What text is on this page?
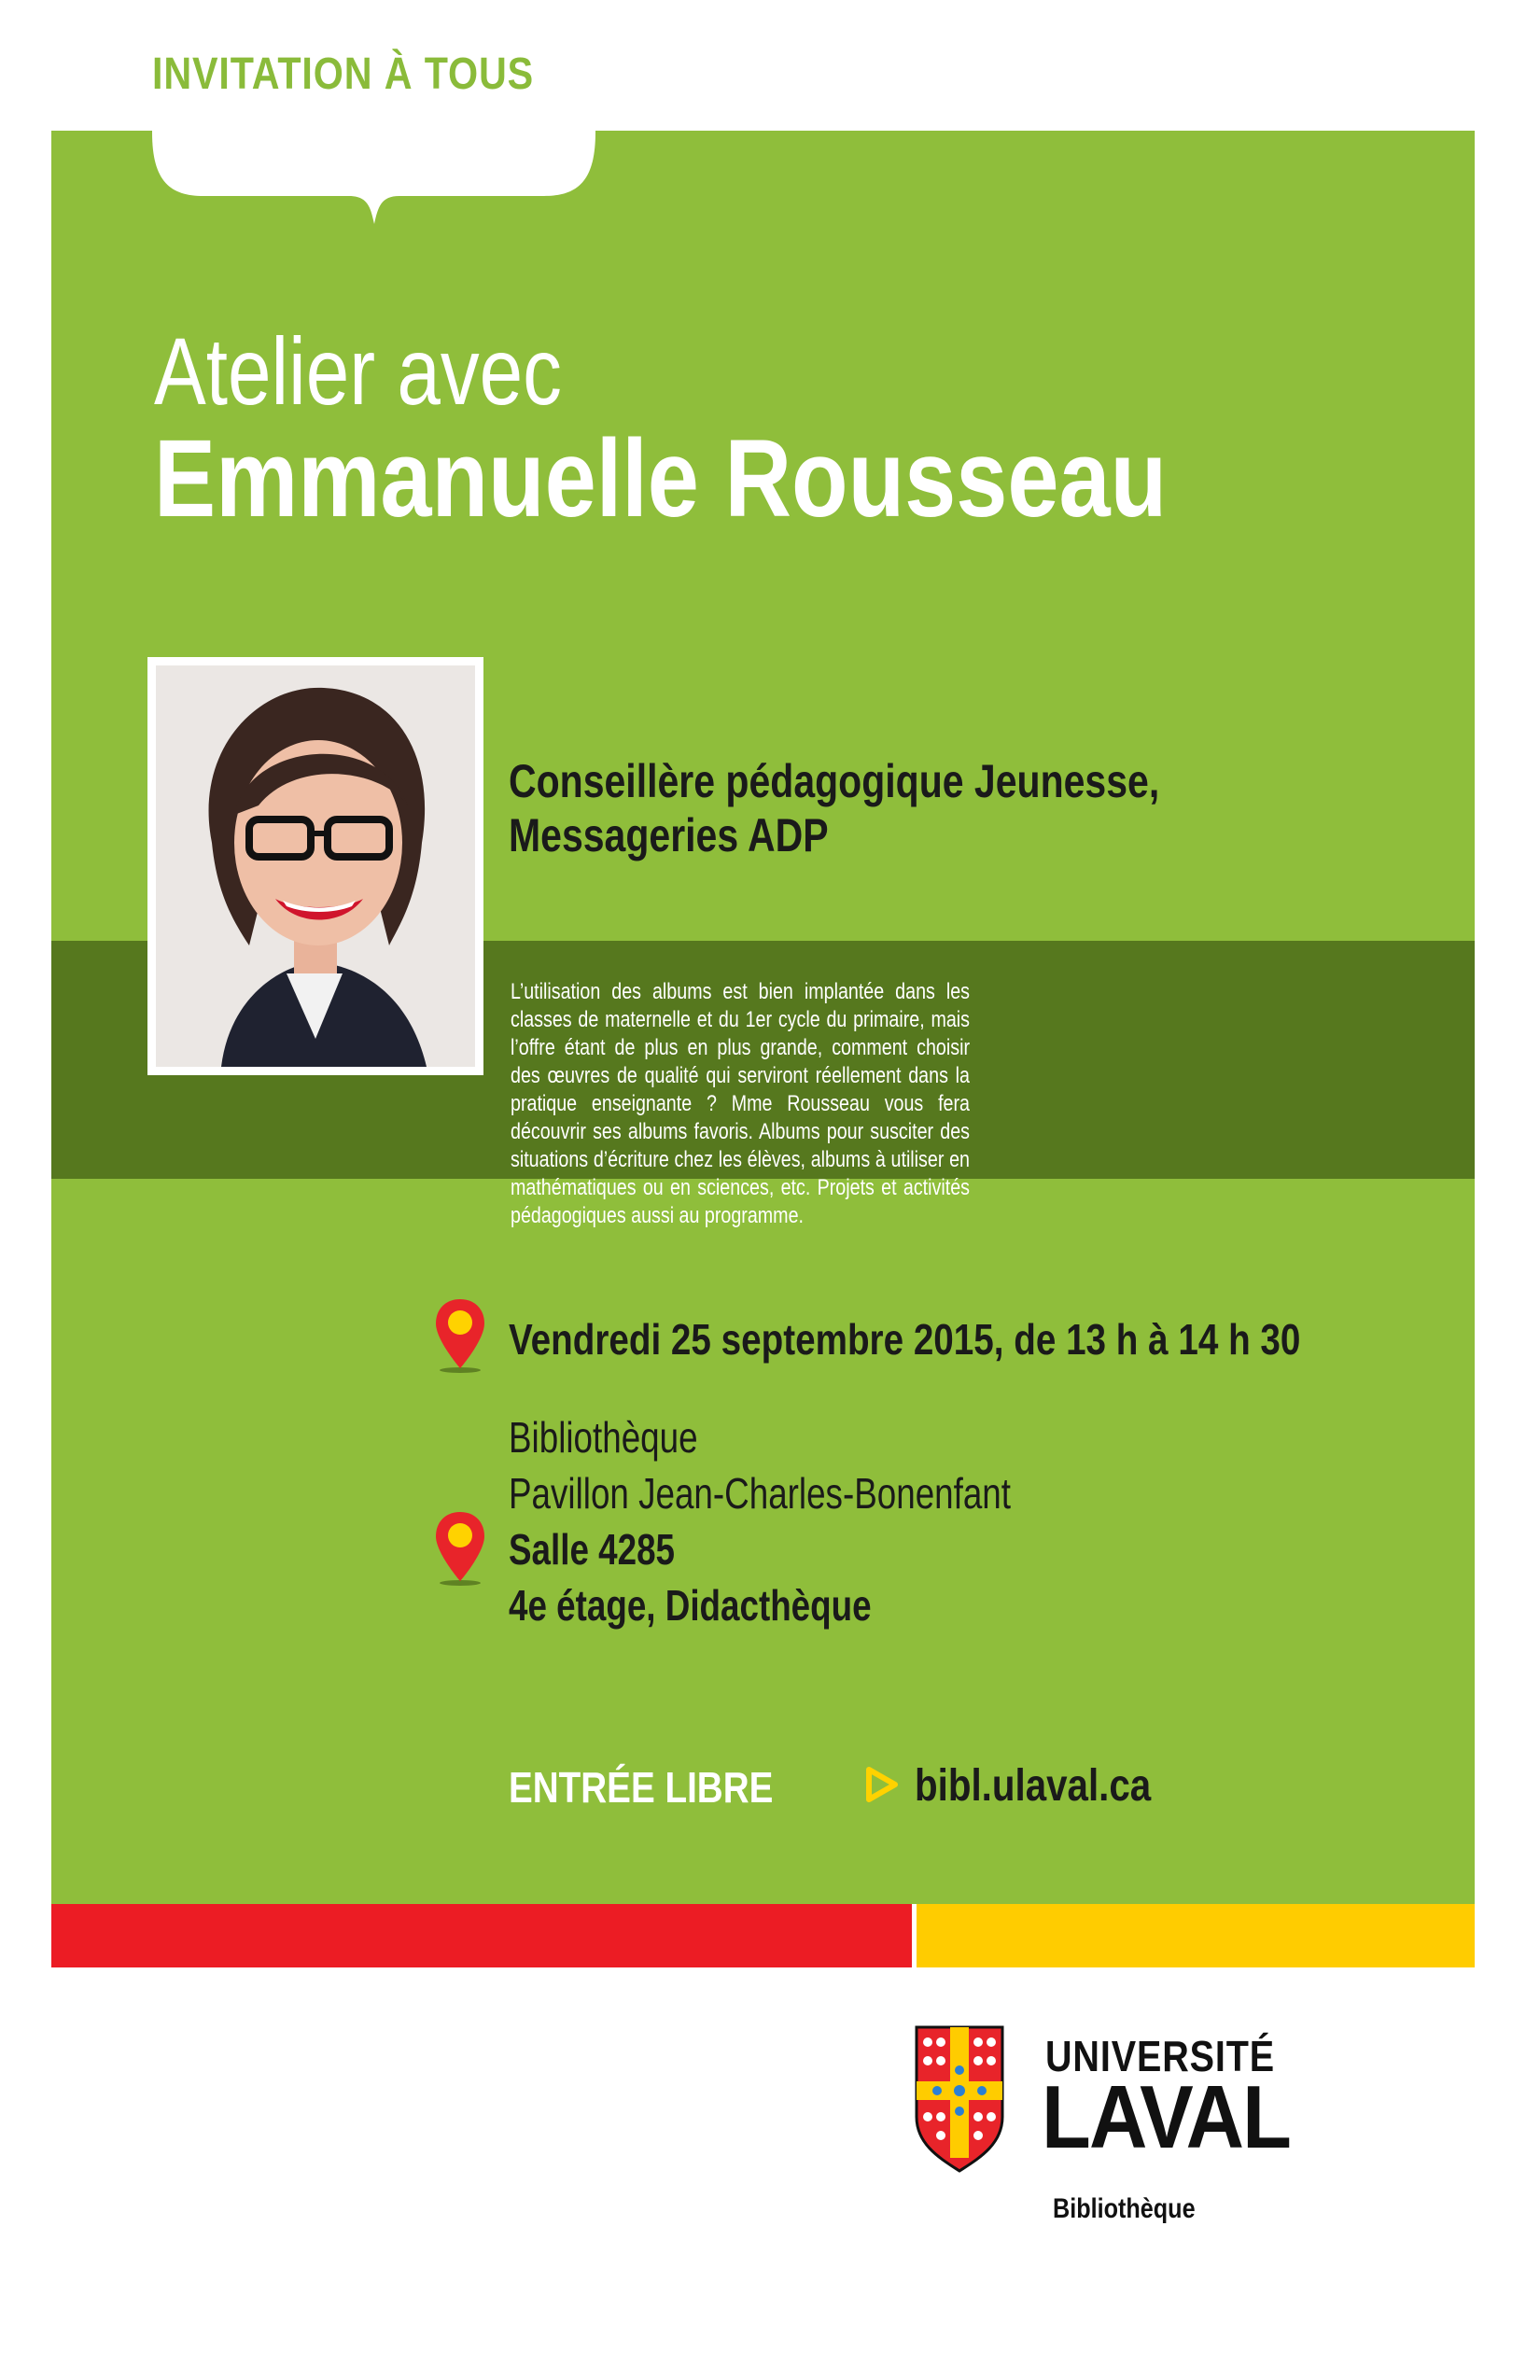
INVITATION À TOUS
Atelier avec
Emmanuelle Rousseau
Conseillère pédagogique Jeunesse,
Messageries ADP

L’utilisation des albums est bien implantée dans les classes de maternelle et du 1er cycle du primaire, mais l’offre étant de plus en plus grande, comment choisir des œuvres de qualité qui serviront réellement dans la pratique enseignante ? Mme Rousseau vous fera découvrir ses albums favoris. Albums pour susciter des situations d’écriture chez les élèves, albums à utiliser en mathématiques ou en sciences, etc. Projets et activités pédagogiques aussi au programme.

Vendredi 25 septembre 2015, de 13 h à 14 h 30
Bibliothèque
Pavillon Jean-Charles-Bonenfant
Salle 4285
4e étage, Didacthèque
ENTRÉE LIBRE	bibl.ulaval.ca
UNIVERSITÉ
LAVAL
Bibliothèque
